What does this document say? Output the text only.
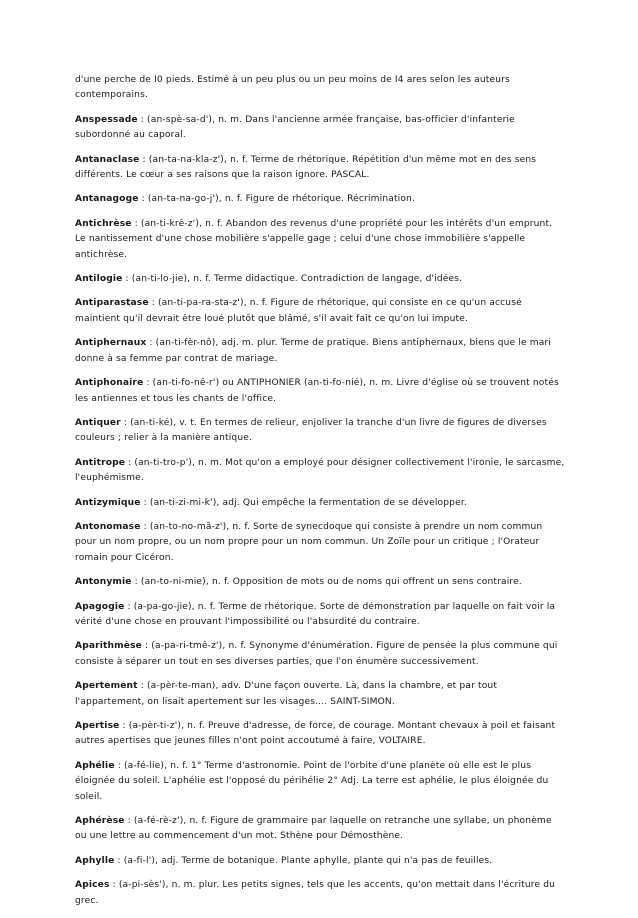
d'une perche de I0 pieds. Estimé à un peu plus ou un peu moins de I4 ares selon les auteurs contemporains.

Anspessade : (an-spè-sa-d'), n. m. Dans l'ancienne armée française, bas-officier d'infanterie subordonné au caporal.

Antanaclase : (an-ta-na-kla-z'), n. f. Terme de rhétorique. Répétition d'un même mot en des sens différents. Le cœur a ses raisons que la raison ignore. PASCAL.

Antanagoge : (an-ta-na-go-j'), n. f. Figure de rhétorique. Récrimination.

Antichrèse : (an-ti-krê-z'), n. f. Abandon des revenus d'une propriété pour les intérêts d'un emprunt. Le nantissement d'une chose mobilière s'appelle gage ; celui d'une chose immobilière s'appelle antichrèse.

Antilogie : (an-ti-lo-jie), n. f. Terme didactique. Contradiction de langage, d'idées.

Antiparastase : (an-ti-pa-ra-sta-z'), n. f. Figure de rhétorique, qui consiste en ce qu'un accusé maintient qu'il devrait être loué plutôt que blâmé, s'il avait fait ce qu'on lui impute.

Antiphernaux : (an-ti-fèr-nô), adj. m. plur. Terme de pratique. Biens antiphernaux, biens que le mari donne à sa femme par contrat de mariage.

Antiphonaire : (an-ti-fo-nê-r') ou ANTIPHONIER (an-ti-fo-nié), n. m. Livre d'église où se trouvent notés les antiennes et tous les chants de l'office.

Antiquer : (an-ti-ké), v. t. En termes de relieur, enjoliver la tranche d'un livre de figures de diverses couleurs ; relier à la manière antique.

Antitrope : (an-ti-tro-p'), n. m. Mot qu'on a employé pour désigner collectivement l'ironie, le sarcasme, l'euphémisme.

Antizymique : (an-ti-zi-mi-k'), adj. Qui empêche la fermentation de se développer.

Antonomase : (an-to-no-mâ-z'), n. f. Sorte de synecdoque qui consiste à prendre un nom commun pour un nom propre, ou un nom propre pour un nom commun. Un Zoïle pour un critique ; l'Orateur romain pour Cicéron.

Antonymie : (an-to-ni-mie), n. f. Opposition de mots ou de noms qui offrent un sens contraire.

Apagogie : (a-pa-go-jie), n. f. Terme de rhétorique. Sorte de démonstration par laquelle on fait voir la vérité d'une chose en prouvant l'impossibilité ou l'absurdité du contraire.

Aparithmèse : (a-pa-ri-tmê-z'), n. f. Synonyme d'énumération. Figure de pensée la plus commune qui consiste à séparer un tout en ses diverses parties, que l'on énumère successivement.

Apertement : (a-pèr-te-man), adv. D'une façon ouverte. Là, dans la chambre, et par tout l'appartement, on lisait apertement sur les visages.... SAINT-SIMON.

Apertise : (a-pèr-ti-z'), n. f. Preuve d'adresse, de force, de courage. Montant chevaux à poil et faisant autres apertises que jeunes filles n'ont point accoutumé à faire, VOLTAIRE.

Aphélie : (a-fé-lie), n. f. 1° Terme d'astronomie. Point de l'orbite d'une planète où elle est le plus éloignée du soleil. L'aphélie est l'opposé du périhélie 2° Adj. La terre est aphélie, le plus éloignée du soleil.

Aphérèse : (a-fé-rè-z'), n. f. Figure de grammaire par laquelle on retranche une syllabe, un phonème ou une lettre au commencement d'un mot. Sthène pour Démosthène.

Aphylle : (a-fi-l'), adj. Terme de botanique. Plante aphylle, plante qui n'a pas de feuilles.

Apices : (a-pi-sès'), n. m. plur. Les petits signes, tels que les accents, qu'on mettait dans l'écriture du grec.
